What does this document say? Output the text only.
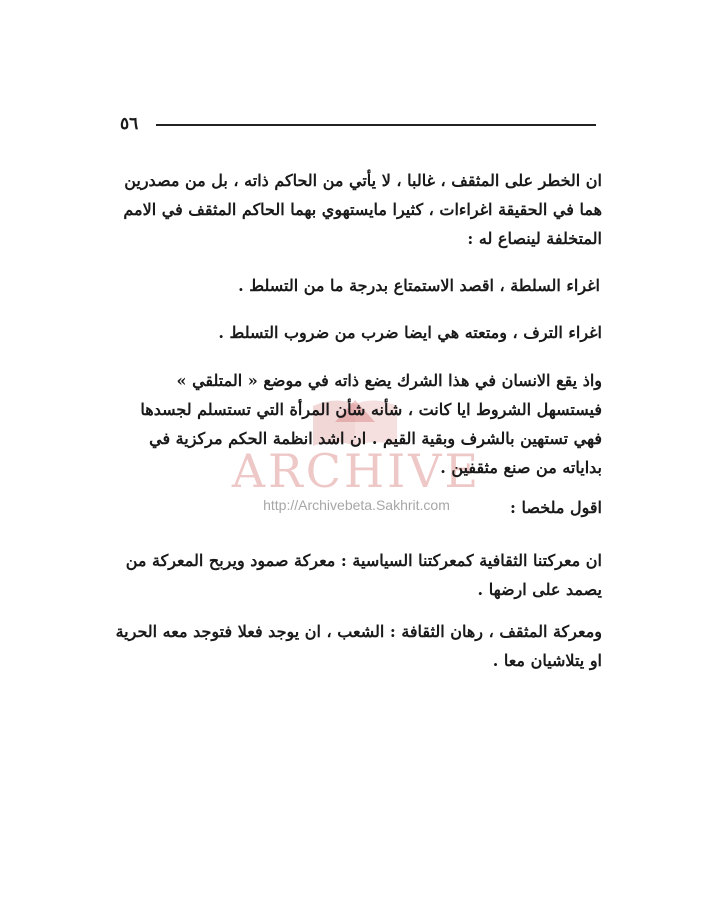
٥٦
ARCHIVE
http://Archivebeta.Sakhrit.com
ان الخطر على المثقف ، غالبا ، لا يأتي من الحاكم ذاته ، بل من مصدرين هما في الحقيقة اغراءات ، كثيرا مايستهوي بهما الحاكم المثقف في الامم المتخلفة لينصاع له :
اغراء السلطة ، اقصد الاستمتاع بدرجة ما من التسلط .
اغراء الترف ، ومتعته هي ايضا ضرب من ضروب التسلط .
واذ يقع الانسان في هذا الشرك يضع ذاته في موضع « المتلقي » فيستسهل الشروط ايا كانت ، شأنه شأن المرأة التي تستسلم لجسدها فهي تستهين بالشرف وبقية القيم . ان اشد انظمة الحكم مركزية في بداياته من صنع مثقفين .
اقول ملخصا :
ان معركتنا الثقافية كمعركتنا السياسية : معركة صمود ويربح المعركة من يصمد على ارضها .
ومعركة المثقف ، رهان الثقافة : الشعب ، ان يوجد فعلا فتوجد معه الحرية او يتلاشيان معا .
